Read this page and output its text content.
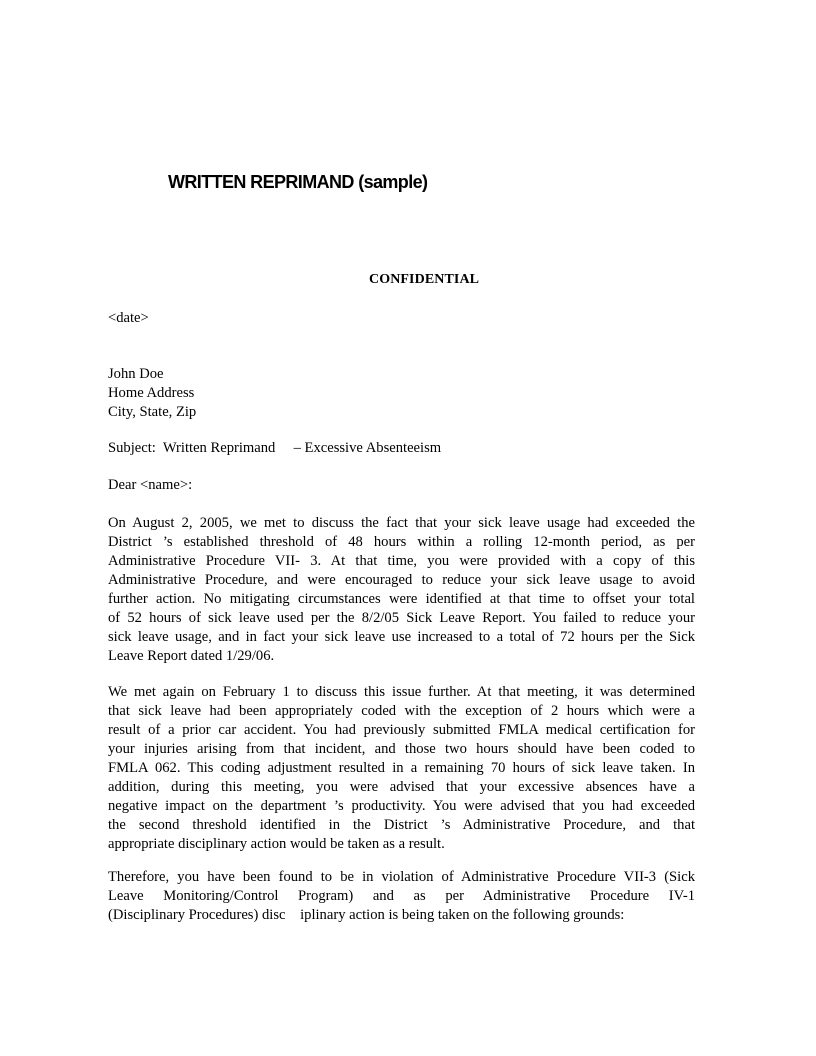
WRITTEN REPRIMAND (sample)
CONFIDENTIAL
<date>
John Doe
Home Address
City, State, Zip
Subject:  Written Reprimand     – Excessive Absenteeism
Dear <name>:
On August 2, 2005, we met to discuss the fact that your sick leave usage had exceeded the
District ’s established threshold of 48 hours within a rolling 12-month period, as per
Administrative Procedure VII- 3. At that time, you were provided with a copy of this
Administrative Procedure, and were encouraged to reduce your sick leave usage to avoid
further action. No mitigating circumstances were identified at that time to offset your total
of 52 hours of sick leave used per the 8/2/05 Sick Leave Report. You failed to reduce your
sick leave usage, and in fact your sick leave use increased to a total of 72 hours per the Sick
Leave Report dated 1/29/06.
We met again on February 1 to discuss this issue further. At that meeting, it was determined
that sick leave had been appropriately coded with the exception of 2 hours which were a
result of a prior car accident. You had previously submitted FMLA medical certification for
your injuries arising from that incident, and those two hours should have been coded to
FMLA 062. This coding adjustment resulted in a remaining 70 hours of sick leave taken. In
addition, during this meeting, you were advised that your excessive absences have a
negative impact on the department ’s productivity. You were advised that you had exceeded
the second threshold identified in the District ’s Administrative Procedure, and that
appropriate disciplinary action would be taken as a result.
Therefore, you have been found to be in violation of Administrative Procedure VII-3 (Sick
Leave Monitoring/Control Program) and as per Administrative Procedure IV-1
(Disciplinary Procedures) disc    iplinary action is being taken on the following grounds:
